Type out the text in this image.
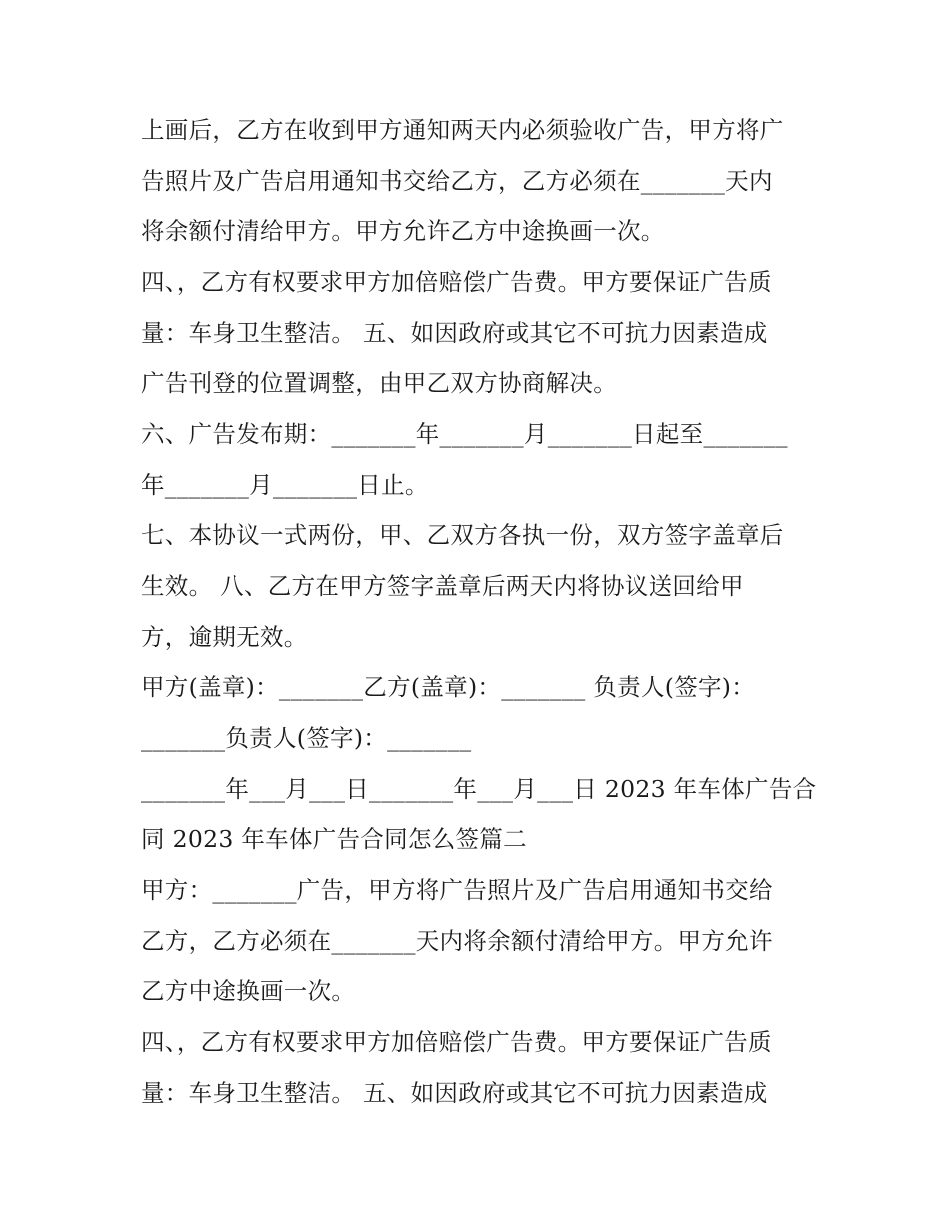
上画后，乙方在收到甲方通知两天内必须验收广告，甲方将广
告照片及广告启用通知书交给乙方，乙方必须在_______天内
将余额付清给甲方。甲方允许乙方中途换画一次。
四、，乙方有权要求甲方加倍赔偿广告费。甲方要保证广告质
量：车身卫生整洁。 五、如因政府或其它不可抗力因素造成
广告刊登的位置调整，由甲乙双方协商解决。
六、广告发布期：_______年_______月_______日起至_______
年_______月_______日止。
七、本协议一式两份，甲、乙双方各执一份，双方签字盖章后
生效。 八、乙方在甲方签字盖章后两天内将协议送回给甲
方，逾期无效。
甲方(盖章)：_______乙方(盖章)：_______ 负责人(签字)：
_______负责人(签字)：_______
_______年___月___日_______年___月___日 2023 年车体广告合
同 2023 年车体广告合同怎么签篇二
甲方：_______广告，甲方将广告照片及广告启用通知书交给
乙方，乙方必须在_______天内将余额付清给甲方。甲方允许
乙方中途换画一次。
四、，乙方有权要求甲方加倍赔偿广告费。甲方要保证广告质
量：车身卫生整洁。 五、如因政府或其它不可抗力因素造成
